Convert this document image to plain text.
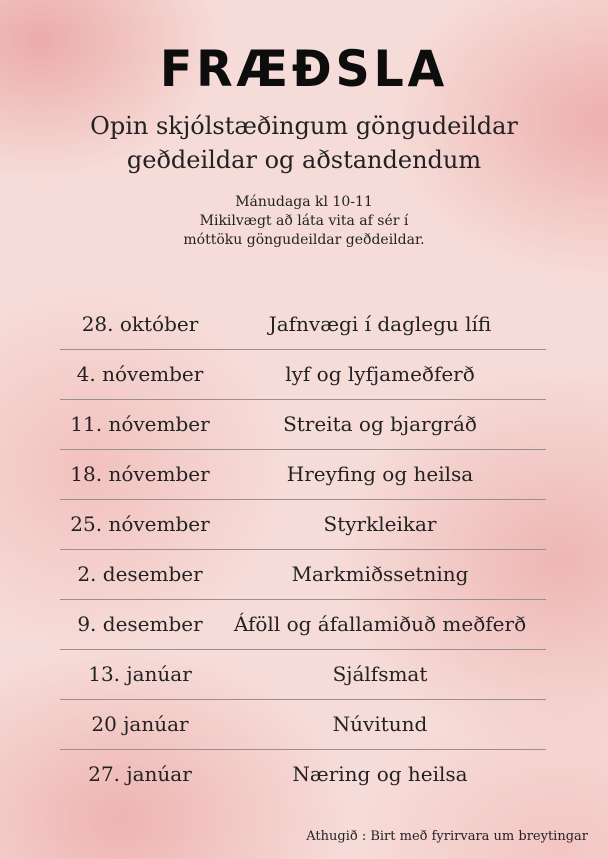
FRÆÐSLA
Opin skjólstæðingum göngudeildar
geðdeildar og aðstandendum
Mánudaga kl 10-11
Mikilvægt að láta vita af sér í
móttöku göngudeildar geðdeildar.
28. október	Jafnvægi í daglegu lífi
4. nóvember	lyf og lyfjameðferð
11. nóvember	Streita og bjargráð
18. nóvember	Hreyfing og heilsa
25. nóvember	Styrkleikar
2. desember	Markmiðssetning
9. desember	Áföll og áfallamiðuð meðferð
13. janúar	Sjálfsmat
20 janúar	Núvitund
27. janúar	Næring og heilsa
Athugið : Birt með fyrirvara um breytingar
